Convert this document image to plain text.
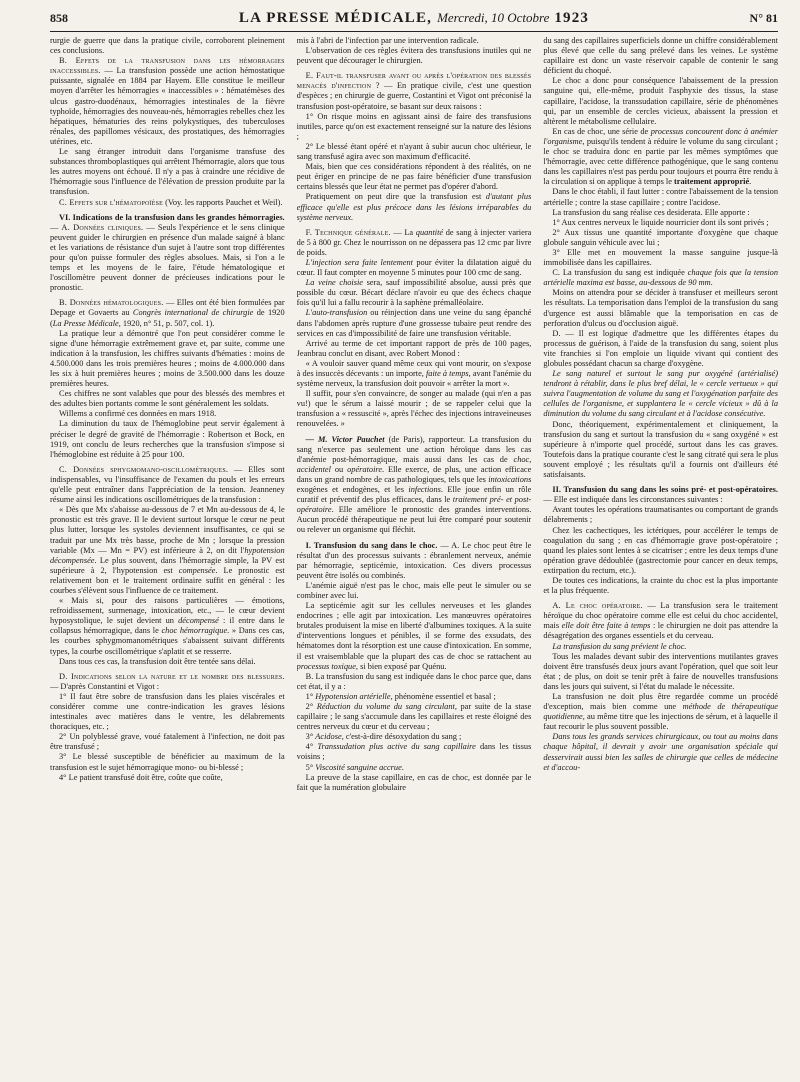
858	LA PRESSE MÉDICALE, Mercredi, 10 Octobre 1923	N° 81

rurgie de guerre que dans la pratique civile, corroborent pleinement ces conclusions.

B. Effets de la transfusion dans les hémorragies inaccessibles. — La transfusion possède une action hémostatique puissante, signalée en 1884 par Hayem. Elle constitue le meilleur moyen d'arrêter les hémorragies « inaccessibles » : hématémèses des ulcus gastro-duodénaux, hémorragies intestinales de la fièvre typhoïde, hémorragies des nouveau-nés, hémorragies rebelles chez les hépatiques, hématuries des reins polykystiques, des tuberculoses rénales, des papillomes vésicaux, des prostatiques, des hémorragies utérines, etc.

Le sang étranger introduit dans l'organisme transfuse des substances thromboplastiques qui arrêtent l'hémorragie, alors que tous les autres moyens ont échoué. Il n'y a pas à craindre une récidive de l'hémorragie sous l'influence de l'élévation de pression produite par la transfusion.

C. Effets sur l'hématopoïèse (Voy. les rapports Pauchet et Weil).

VI. Indications de la transfusion dans les grandes hémorragies. — A. Données cliniques. — Seuls l'expérience et le sens clinique peuvent guider le chirurgien en présence d'un malade saigné à blanc et les variations de résistance d'un sujet à l'autre sont trop différentes pour qu'on puisse formuler des règles absolues. Mais, si l'on a le temps et les moyens de le faire, l'étude hématologique et l'oscillomètre peuvent donner de précieuses indications pour le pronostic.

B. Données hématologiques. — Elles ont été bien formulées par Depage et Govaerts au Congrès international de chirurgie de 1920 (La Presse Médicale, 1920, n° 51, p. 507, col. 1).

La pratique leur a démontré que l'on peut considérer comme le signe d'une hémorragie extrêmement grave et, par suite, comme une indication à la transfusion, les chiffres suivants d'hématies : moins de 4.500.000 dans les trois premières heures ; moins de 4.000.000 dans les six à huit premières heures ; moins de 3.500.000 dans les douze premières heures.

Ces chiffres ne sont valables que pour des blessés des membres et des adultes bien portants comme le sont généralement les soldats.

Willems a confirmé ces données en mars 1918.

La diminution du taux de l'hémoglobine peut servir également à préciser le degré de gravité de l'hémorragie : Robertson et Bock, en 1919, ont conclu de leurs recherches que la transfusion s'impose si l'hémoglobine est réduite à 25 pour 100.

C. Données sphygmomano-oscillométriques. — Elles sont indispensables, vu l'insuffisance de l'examen du pouls et les erreurs qu'elle peut entraîner dans l'appréciation de la tension. Jeanneney résume ainsi les indications oscillométriques de la transfusion :

« Dès que Mx s'abaisse au-dessous de 7 et Mn au-dessous de 4, le pronostic est très grave. Il le devient surtout lorsque le cœur ne peut plus lutter, lorsque les systoles deviennent insuffisantes, ce qui se traduit par une Mx très basse, proche de Mn ; lorsque la pression variable (Mx — Mn = PV) est inférieure à 2, on dit l'hypotension décompensée. Le plus souvent, dans l'hémorragie simple, la PV est supérieure à 2, l'hypotension est compensée. Le pronostic est relativement bon et le traitement ordinaire suffit en général : les courbes s'élèvent sous l'influence de ce traitement.

« Mais si, pour des raisons particulières — émotions, refroidissement, surmenage, intoxication, etc., — le cœur devient hyposystolique, le sujet devient un décompensé : il entre dans le collapsus hémorragique, dans le choc hémorragique. » Dans ces cas, les courbes sphygmomanométriques s'abaissent suivant différents types, la courbe oscillométrique s'aplatit et se resserre.

Dans tous ces cas, la transfusion doit être tentée sans délai.

D. Indications selon la nature et le nombre des blessures. — D'après Constantini et Vigot :

1° Il faut être sobre de transfusion dans les plaies viscérales et considérer comme une contre-indication les graves lésions intestinales avec matières dans le ventre, les délabrements thoraciques, etc. ;

2° Un polyblessé grave, voué fatalement à l'infection, ne doit pas être transfusé ;

3° Le blessé susceptible de bénéficier au maximum de la transfusion est le sujet hémorragique mono- ou bi-blessé ;

4° Le patient transfusé doit être, coûte que coûte,

mis à l'abri de l'infection par une intervention radicale.

L'observation de ces règles évitera des transfusions inutiles qui ne peuvent que décourager le chirurgien.

E. Faut-il transfuser avant ou après l'opération des blessés menacés d'infection ? — En pratique civile, c'est une question d'espèces ; en chirurgie de guerre, Costantini et Vigot ont préconisé la transfusion post-opératoire, se basant sur deux raisons :

1° On risque moins en agissant ainsi de faire des transfusions inutiles, parce qu'on est exactement renseigné sur la nature des lésions ;

2° Le blessé étant opéré et n'ayant à subir aucun choc ultérieur, le sang transfusé agira avec son maximum d'efficacité.

Mais, bien que ces considérations répondent à des réalités, on ne peut ériger en principe de ne pas faire bénéficier d'une transfusion certains blessés que leur état ne permet pas d'opérer d'abord.

Pratiquement on peut dire que la transfusion est d'autant plus efficace qu'elle est plus précoce dans les lésions irréparables du système nerveux.

F. Technique générale. — La quantité de sang à injecter variera de 5 à 800 gr. Chez le nourrisson on ne dépassera pas 12 cmc par livre de poids.

L'injection sera faite lentement pour éviter la dilatation aiguë du cœur. Il faut compter en moyenne 5 minutes pour 100 cmc de sang.

La veine choisie sera, sauf impossibilité absolue, aussi près que possible du cœur. Bécart déclare n'avoir eu que des échecs chaque fois qu'il lui a fallu recourir à la saphène prémalléolaire.

L'auto-transfusion ou réinjection dans une veine du sang épanché dans l'abdomen après rupture d'une grossesse tubaire peut rendre des services en cas d'impossibilité de faire une transfusion véritable.

Arrivé au terme de cet important rapport de près de 100 pages, Jeanbrau conclut en disant, avec Robert Monod :

« A vouloir sauver quand même ceux qui vont mourir, on s'expose à des insuccès décevants : un importe, faite à temps, avant l'anémie du système nerveux, la transfusion doit pouvoir « arrêter la mort ».

Il suffit, pour s'en convaincre, de songer au malade (qui n'en a pas vu!) que le sérum a laissé mourir ; de se rappeler celui que la transfusion a « ressuscité », après l'échec des injections intraveineuses renouvelées. »

— M. Victor Pauchet (de Paris), rapporteur. La transfusion du sang n'exerce pas seulement une action héroïque dans les cas d'anémie post-hémorragique, mais aussi dans les cas de choc, accidentel ou opératoire. Elle exerce, de plus, une action efficace dans un grand nombre de cas pathologiques, tels que les intoxications exogènes et endogènes, et les infections. Elle joue enfin un rôle curatif et préventif des plus efficaces, dans le traitement pré- et post-opératoire. Elle améliore le pronostic des grandes interventions. Aucun procédé thérapeutique ne peut lui être comparé pour soutenir ou relever un organisme qui fléchit.

I. Transfusion du sang dans le choc. — A. Le choc peut être le résultat d'un des processus suivants : ébranlement nerveux, anémie par hémorragie, septicémie, intoxication. Ces divers processus peuvent être isolés ou combinés.

L'anémie aiguë n'est pas le choc, mais elle peut le simuler ou se combiner avec lui.

La septicémie agit sur les cellules nerveuses et les glandes endocrines ; elle agit par intoxication. Les manœuvres opératoires brutales produisent la mise en liberté d'albumines toxiques. A la suite d'interventions longues et pénibles, il se forme des exsudats, des hématomes dont la résorption est une cause d'intoxication. En somme, il est vraisemblable que la plupart des cas de choc se rattachent au processus toxique, si bien exposé par Quénu.

B. La transfusion du sang est indiquée dans le choc parce que, dans cet état, il y a :

1° Hypotension artérielle, phénomène essentiel et basal ;

2° Réduction du volume du sang circulant, par suite de la stase capillaire ; le sang s'accumule dans les capillaires et reste éloigné des centres nerveux du cœur et du cerveau ;

3° Acidose, c'est-à-dire désoxydation du sang ;

4° Transsudation plus active du sang capillaire dans les tissus voisins ;

5° Viscosité sanguine accrue.

La preuve de la stase capillaire, en cas de choc, est donnée par le fait que la numération globulaire

du sang des capillaires superficiels donne un chiffre considérablement plus élevé que celle du sang prélevé dans les veines. Le système capillaire est donc un vaste réservoir capable de contenir le sang déficient du choqué.

Le choc a donc pour conséquence l'abaissement de la pression sanguine qui, elle-même, produit l'asphyxie des tissus, la stase capillaire, l'acidose, la transsudation capillaire, série de phénomènes qui, par un ensemble de cercles vicieux, abaissent la pression et altèrent le métabolisme cellulaire.

En cas de choc, une série de processus concourent donc à anémier l'organisme, puisqu'ils tendent à réduire le volume du sang circulant ; le choc se traduira donc en partie par les mêmes symptômes que l'hémorragie, avec cette différence pathogénique, que le sang contenu dans les capillaires n'est pas perdu pour toujours et pourra être rendu à la circulation si on applique à temps le traitement approprié.

Dans le choc établi, il faut lutter : contre l'abaissement de la tension artérielle ; contre la stase capillaire ; contre l'acidose.

La transfusion du sang réalise ces desiderata. Elle apporte :

1° Aux centres nerveux le liquide nourricier dont ils sont privés ;

2° Aux tissus une quantité importante d'oxygène que chaque globule sanguin véhicule avec lui ;

3° Elle met en mouvement la masse sanguine jusque-là immobilisée dans les capillaires.

C. La transfusion du sang est indiquée chaque fois que la tension artérielle maxima est basse, au-dessous de 90 mm.

Moins on attendra pour se décider à transfuser et meilleurs seront les résultats. La temporisation dans l'emploi de la transfusion du sang d'urgence est aussi blâmable que la temporisation en cas de perforation d'ulcus ou d'occlusion aiguë.

D. — Il est logique d'admettre que les différentes étapes du processus de guérison, à l'aide de la transfusion du sang, soient plus vite franchies si l'on emploie un liquide vivant qui contient des globules possédant chacun sa charge d'oxygène.

Le sang naturel et surtout le sang pur oxygéné (artérialisé) tendront à rétablir, dans le plus bref délai, le « cercle vertueux » qui suivra l'augmentation de volume du sang et l'oxygénation parfaite des cellules de l'organisme, et supplantera le « cercle vicieux » dû à la diminution du volume du sang circulant et à l'acidose consécutive.

Donc, théoriquement, expérimentalement et cliniquement, la transfusion du sang et surtout la transfusion du « sang oxygéné » est supérieure à n'importe quel procédé, surtout dans les cas graves. Toutefois dans la pratique courante c'est le sang citraté qui sera le plus souvent employé ; les résultats qu'il a fournis ont d'ailleurs été satisfaisants.

II. Transfusion du sang dans les soins pré- et post-opératoires. — Elle est indiquée dans les circonstances suivantes :

Avant toutes les opérations traumatisantes ou comportant de grands délabrements ;

Chez les cachectiques, les ictériques, pour accélérer le temps de coagulation du sang ; en cas d'hémorragie grave post-opératoire ; quand les plaies sont lentes à se cicatriser ; entre les deux temps d'une opération grave dédoublée (gastrectomie pour cancer en deux temps, extirpation du rectum, etc.).

De toutes ces indications, la crainte du choc est la plus importante et la plus fréquente.

A. Le choc opératoire. — La transfusion sera le traitement héroïque du choc opératoire comme elle est celui du choc accidentel, mais elle doit être faite à temps : le chirurgien ne doit pas attendre la désagrégation des organes essentiels et du cerveau.

La transfusion du sang prévient le choc.

Tous les malades devant subir des interventions mutilantes graves doivent être transfusés deux jours avant l'opération, quel que soit leur état ; de plus, on doit se tenir prêt à faire de nouvelles transfusions dans les jours qui suivent, si l'état du malade le nécessite.

La transfusion ne doit plus être regardée comme un procédé d'exception, mais bien comme une méthode de thérapeutique quotidienne, au même titre que les injections de sérum, et à laquelle il faut recourir le plus souvent possible.

Dans tous les grands services chirurgicaux, ou tout au moins dans chaque hôpital, il devrait y avoir une organisation spéciale qui desservirait aussi bien les salles de chirurgie que celles de médecine et d'accou-
